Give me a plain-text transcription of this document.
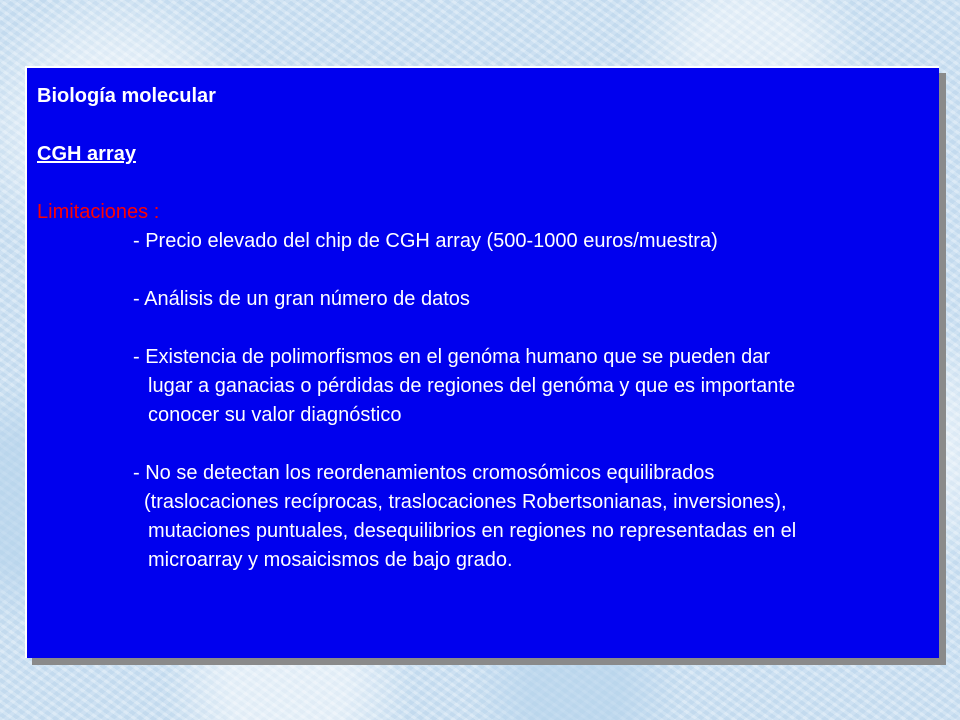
Biología molecular
CGH array
Limitaciones :
- Precio elevado del chip de CGH array (500-1000 euros/muestra)
- Análisis de un gran número de datos
- Existencia de polimorfismos en el genóma humano que se pueden dar
lugar a ganacias o pérdidas de regiones del genóma y que es importante
conocer su valor diagnóstico
- No se detectan los reordenamientos cromosómicos equilibrados
(traslocaciones recíprocas, traslocaciones Robertsonianas, inversiones),
mutaciones puntuales, desequilibrios en regiones no representadas en el
microarray y mosaicismos de bajo grado.
